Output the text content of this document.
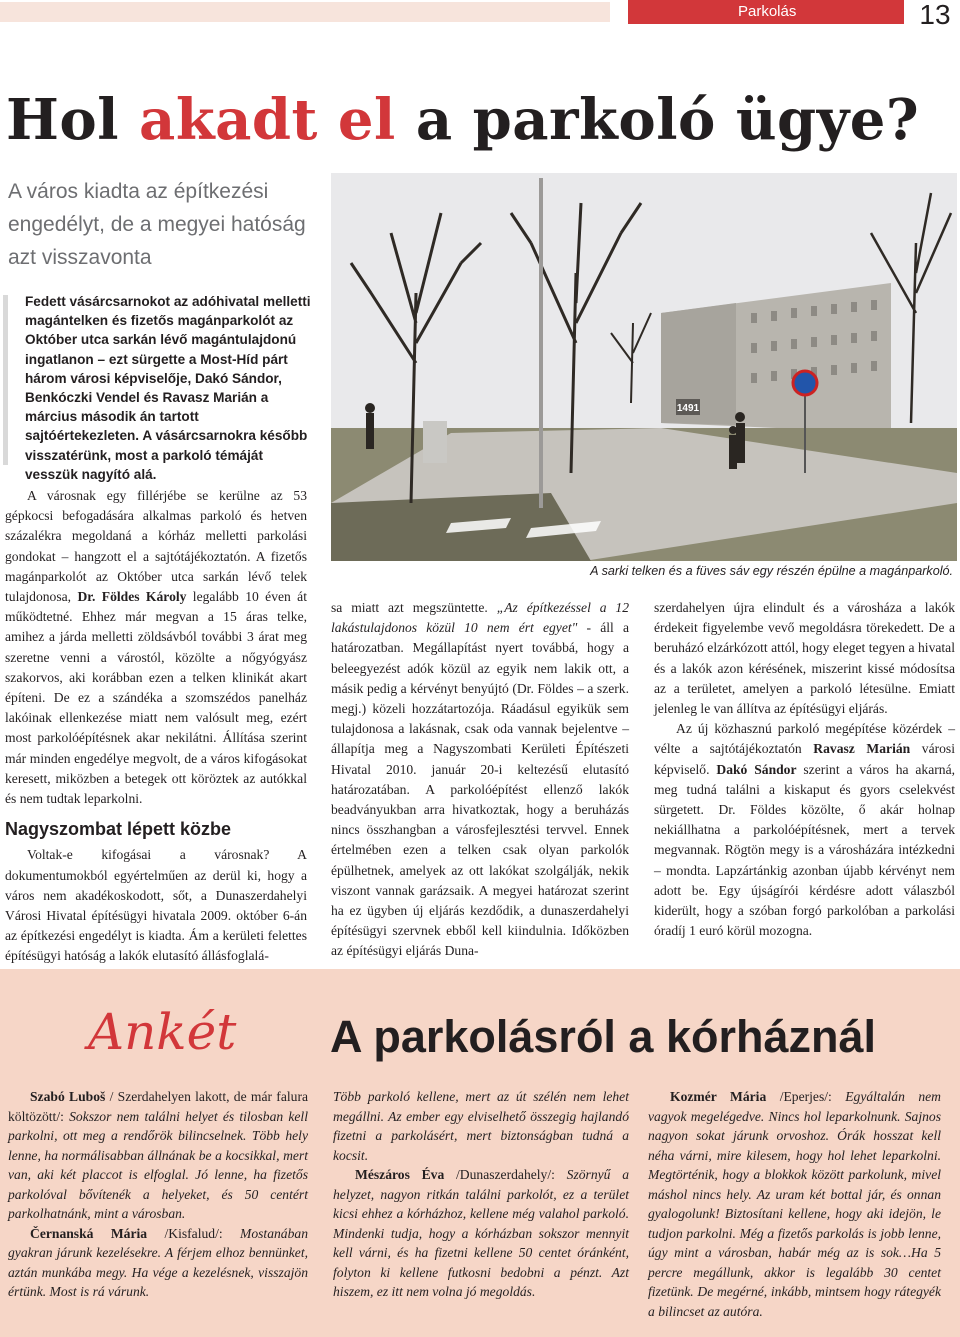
Parkolás	13
Hol akadt el a parkoló ügye?
A város kiadta az építkezési engedélyt, de a megyei hatóság azt visszavonta
Fedett vásárcsarnokot az adóhivatal melletti magántelken és fizetős magánparkolót az Október utca sarkán lévő magántulajdonú ingatlanon – ezt sürgette a Most-Híd párt három városi képviselője, Dakó Sándor, Benkóczki Vendel és Ravasz Marián a március második án tartott sajtóértekezleten. A vásárcsarnokra később visszatérünk, most a parkoló témáját vesszük nagyító alá.

A városnak egy fillérjébe se kerülne az 53 gépkocsi befogadására alkalmas parkoló és hetven százalékra megoldaná a kórház melletti parkolási gondokat – hangzott el a sajtótájékoztatón. A fizetős magánparkolót az Október utca sarkán lévő telek tulajdonosa, Dr. Földes Károly legalább 10 éven át működtetné. Ehhez már megvan a 15 áras telke, amihez a járda melletti zöldsávból további 3 árat meg szeretne venni a várostól, közölte a nőgyógyász szakorvos, aki korábban ezen a telken klinikát akart építeni. De ez a szándéka a szomszédos panelház lakóinak ellenkezése miatt nem valósult meg, ezért most parkolóépítésnek akar nekilátni. Állítása szerint már minden engedélye megvolt, de a város kifogásokat keresett, miközben a betegek ott köröztek az autókkal és nem tudtak leparkolni.

Nagyszombat lépett közbe

Voltak-e kifogásai a városnak? A dokumentumokból egyértelműen az derül ki, hogy a város nem akadékoskodott, sőt, a Dunaszerdahelyi Városi Hivatal építésügyi hivatala 2009. október 6-án az építkezési engedélyt is kiadta. Ám a kerületi felettes építésügyi hatóság a lakók elutasító állásfoglalá-

1491
A sarki telken és a füves sáv egy részén épülne a magánparkoló.

sa miatt azt megszüntette. „Az építkezéssel a 12 lakástulajdonos közül 10 nem ért egyet" - áll a határozatban. Megállapítást nyert továbbá, hogy a beleegyezést adók közül az egyik nem lakik ott, a másik pedig a kérvényt benyújtó (Dr. Földes – a szerk. megj.) közeli hozzátartozója. Ráadásul egyikük sem tulajdonosa a lakásnak, csak oda vannak bejelentve – állapítja meg a Nagyszombati Kerületi Építészeti Hivatal 2010. január 20-i keltezésű elutasító határozatában. A parkolóépítést ellenző lakók beadványukban arra hivatkoztak, hogy a beruházás nincs összhangban a városfejlesztési tervvel. Ennek értelmében ezen a telken csak olyan parkolók épülhetnek, amelyek az ott lakókat szolgálják, nekik viszont vannak garázsaik. A megyei határozat szerint ha ez ügyben új eljárás kezdődik, a dunaszerdahelyi építésügyi szervnek ebből kell kiindulnia. Időközben az építésügyi eljárás Duna-

szerdahelyen újra elindult és a városháza a lakók érdekeit figyelembe vevő megoldásra törekedett. De a beruházó elzárkózott attól, hogy eleget tegyen a hivatal és a lakók azon kérésének, miszerint kissé módosítsa az a területet, amelyen a parkoló létesülne. Emiatt jelenleg le van állítva az építésügyi eljárás.

Az új közhasznú parkoló megépítése közérdek – vélte a sajtótájékoztatón Ravasz Marián városi képviselő. Dakó Sándor szerint a város ha akarná, meg tudná találni a kiskaput és gyors cselekvést sürgetett. Dr. Földes közölte, ő akár holnap nekiállhatna a parkolóépítésnek, mert a tervek megvannak. Rögtön megy is a városházára intézkedni – mondta. Lapzártánkig azonban újabb kérvényt nem adott be. Egy újságírói kérdésre adott válaszból kiderült, hogy a szóban forgó parkolóban a parkolási óradíj 1 euró körül mozogna.

Ankét	A parkolásról a kórháznál

Szabó Luboš / Szerdahelyen lakott, de már falura költözött/: Sokszor nem találni helyet és tilosban kell parkolni, ott meg a rendőrök bilincselnek. Több hely lenne, ha normálisabban állnának be a kocsikkal, mert van, aki két placcot is elfoglal. Jó lenne, ha fizetős parkolóval bővítenék a helyeket, és 50 centért parkolhatnánk, mint a városban.

Černanská Mária /Kisfalud/: Mostanában gyakran járunk kezelésekre. A férjem elhoz bennünket, aztán munkába megy. Ha vége a kezelésnek, visszajön értünk. Most is rá várunk.

Több parkoló kellene, mert az út szélén nem lehet megállni. Az ember egy elviselhető összegig hajlandó fizetni a parkolásért, mert biztonságban tudná a kocsit.

Mészáros Éva /Dunaszerdahely/: Szörnyű a helyzet, nagyon ritkán találni parkolót, ez a terület kicsi ehhez a kórházhoz, kellene még valahol parkoló. Mindenki tudja, hogy a kórházban sokszor mennyit kell várni, és ha fizetni kellene 50 centet óránként, folyton ki kellene futkosni bedobni a pénzt. Azt hiszem, ez itt nem volna jó megoldás.

Kozmér Mária /Eperjes/: Egyáltalán nem vagyok megelégedve. Nincs hol leparkolnunk. Sajnos nagyon sokat járunk orvoshoz. Órák hosszat kell néha várni, mire kilesem, hogy hol lehet leparkolni. Megtörténik, hogy a blokkok között parkolunk, mivel máshol nincs hely. Az uram két bottal jár, és onnan gyalogolunk! Biztosítani kellene, hogy aki idejön, le tudjon parkolni. Még a fizetős parkolás is jobb lenne, úgy mint a városban, habár még az is sok…Ha 5 percre megállunk, akkor is legalább 30 centet fizetünk. De megérné, inkább, mintsem hogy rátegyék a bilincset az autóra.
